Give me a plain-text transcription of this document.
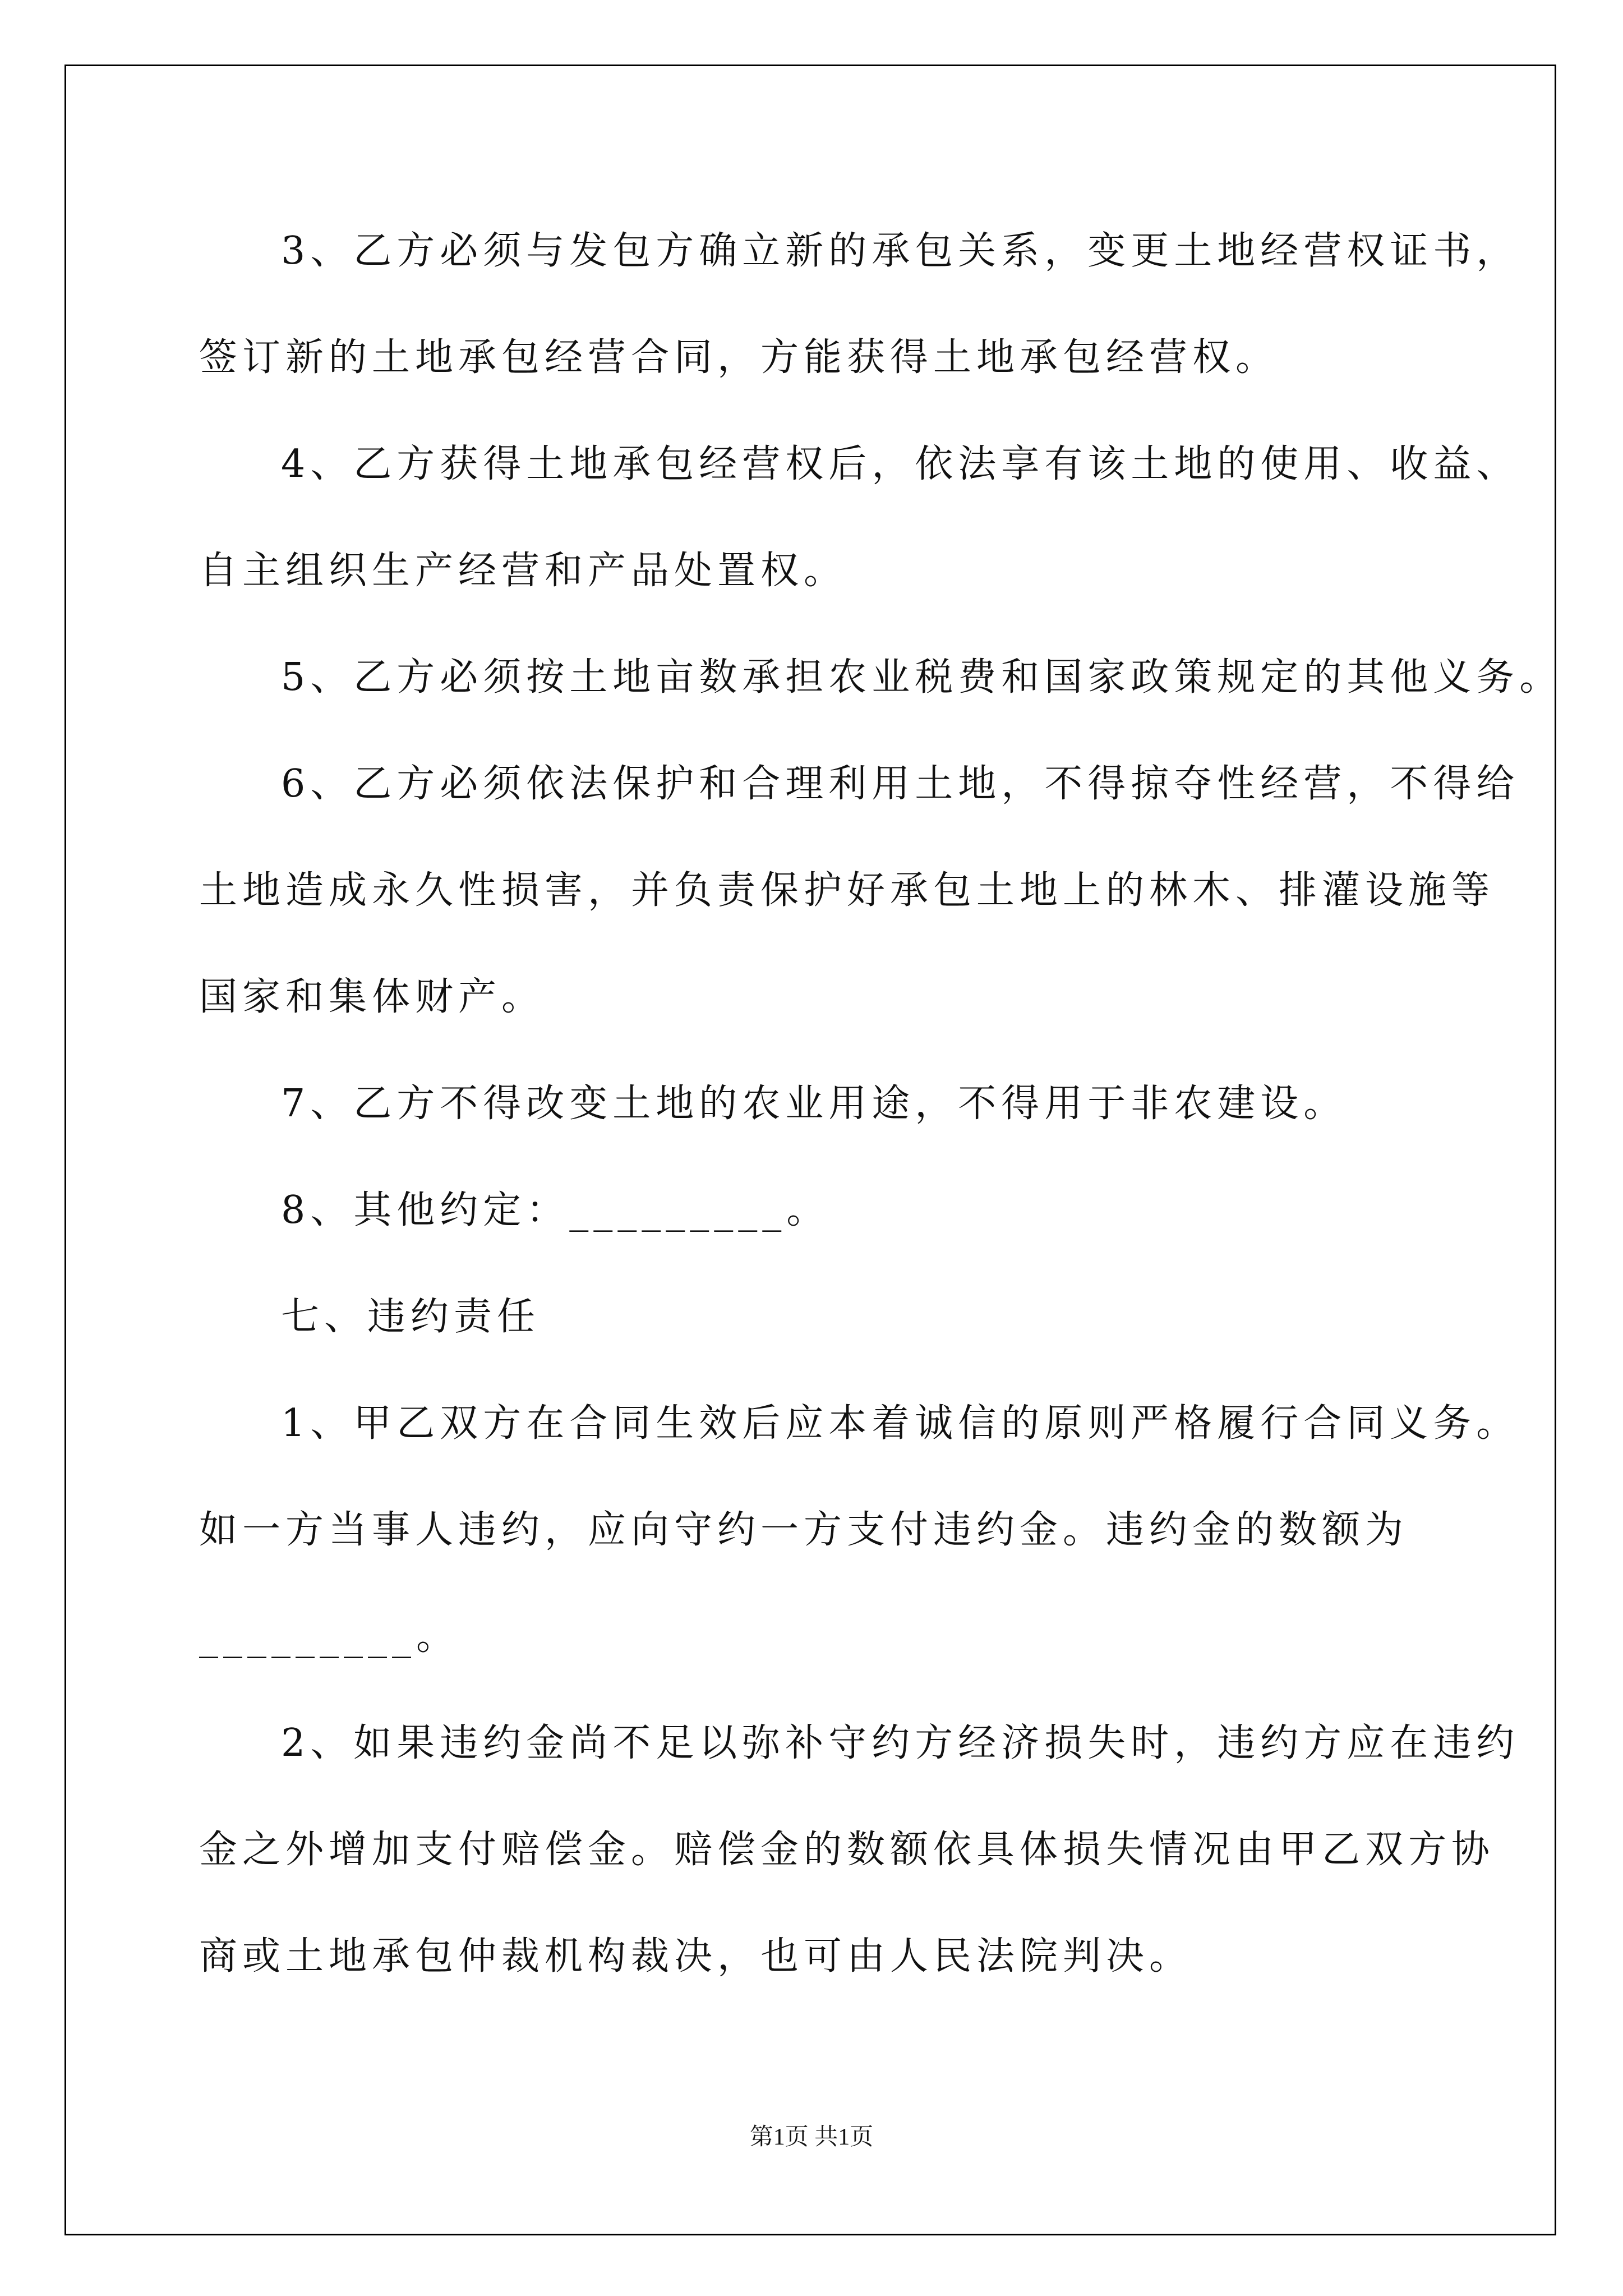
3、乙方必须与发包方确立新的承包关系，变更土地经营权证书，
签订新的土地承包经营合同，方能获得土地承包经营权。
4、乙方获得土地承包经营权后，依法享有该土地的使用、收益、
自主组织生产经营和产品处置权。
5、乙方必须按土地亩数承担农业税费和国家政策规定的其他义务。
6、乙方必须依法保护和合理利用土地，不得掠夺性经营，不得给
土地造成永久性损害，并负责保护好承包土地上的林木、排灌设施等
国家和集体财产。
7、乙方不得改变土地的农业用途，不得用于非农建设。
8、其他约定：_________。
七、违约责任
1、甲乙双方在合同生效后应本着诚信的原则严格履行合同义务。
如一方当事人违约，应向守约一方支付违约金。违约金的数额为
_________。
2、如果违约金尚不足以弥补守约方经济损失时，违约方应在违约
金之外增加支付赔偿金。赔偿金的数额依具体损失情况由甲乙双方协
商或土地承包仲裁机构裁决，也可由人民法院判决。
第1页 共1页
